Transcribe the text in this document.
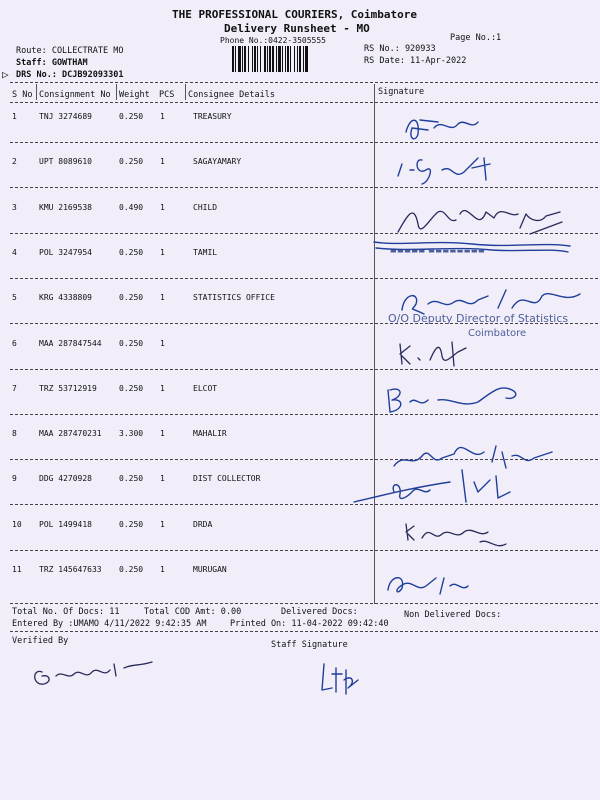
THE PROFESSIONAL COURIERS, Coimbatore
Delivery Runsheet - MO
Phone No.:0422-3505555	Page No.:1
Route: COLLECTRATE MO
Staff: GOWTHAM
DRS No.: DCJB92093301
▷
RS No.: 920933
RS Date: 11-Apr-2022
S No Consignment No Weight PCS Consignee Details	Signature
1	TNJ 3274689	0.250 1	TREASURY
2	UPT 8089610	0.250 1	SAGAYAMARY
3	KMU 2169538	0.490 1	CHILD
4	POL 3247954	0.250 1	TAMIL
5	KRG 4338809	0.250 1	STATISTICS OFFICE
6	MAA 287847544 0.250 1
7	TRZ 53712919	0.250 1	ELCOT
8	MAA 287470231 3.300 1	MAHALIR
9	DDG 4270928	0.250 1	DIST COLLECTOR
10 POL 1499418	0.250 1	DRDA
11 TRZ 145647633 0.250 1	MURUGAN
▬▬▬▬▬ ▬▬▬▬▬▬▬▬
O/O Deputy Director of Statistics
Coimbatore
Total No. Of Docs: 11	Total COD Amt: 0.00	Delivered Docs:	Non Delivered Docs:
Entered By :UMAMO 4/11/2022 9:42:35 AM	Printed On: 11-04-2022 09:42:40
Verified By	Staff Signature
